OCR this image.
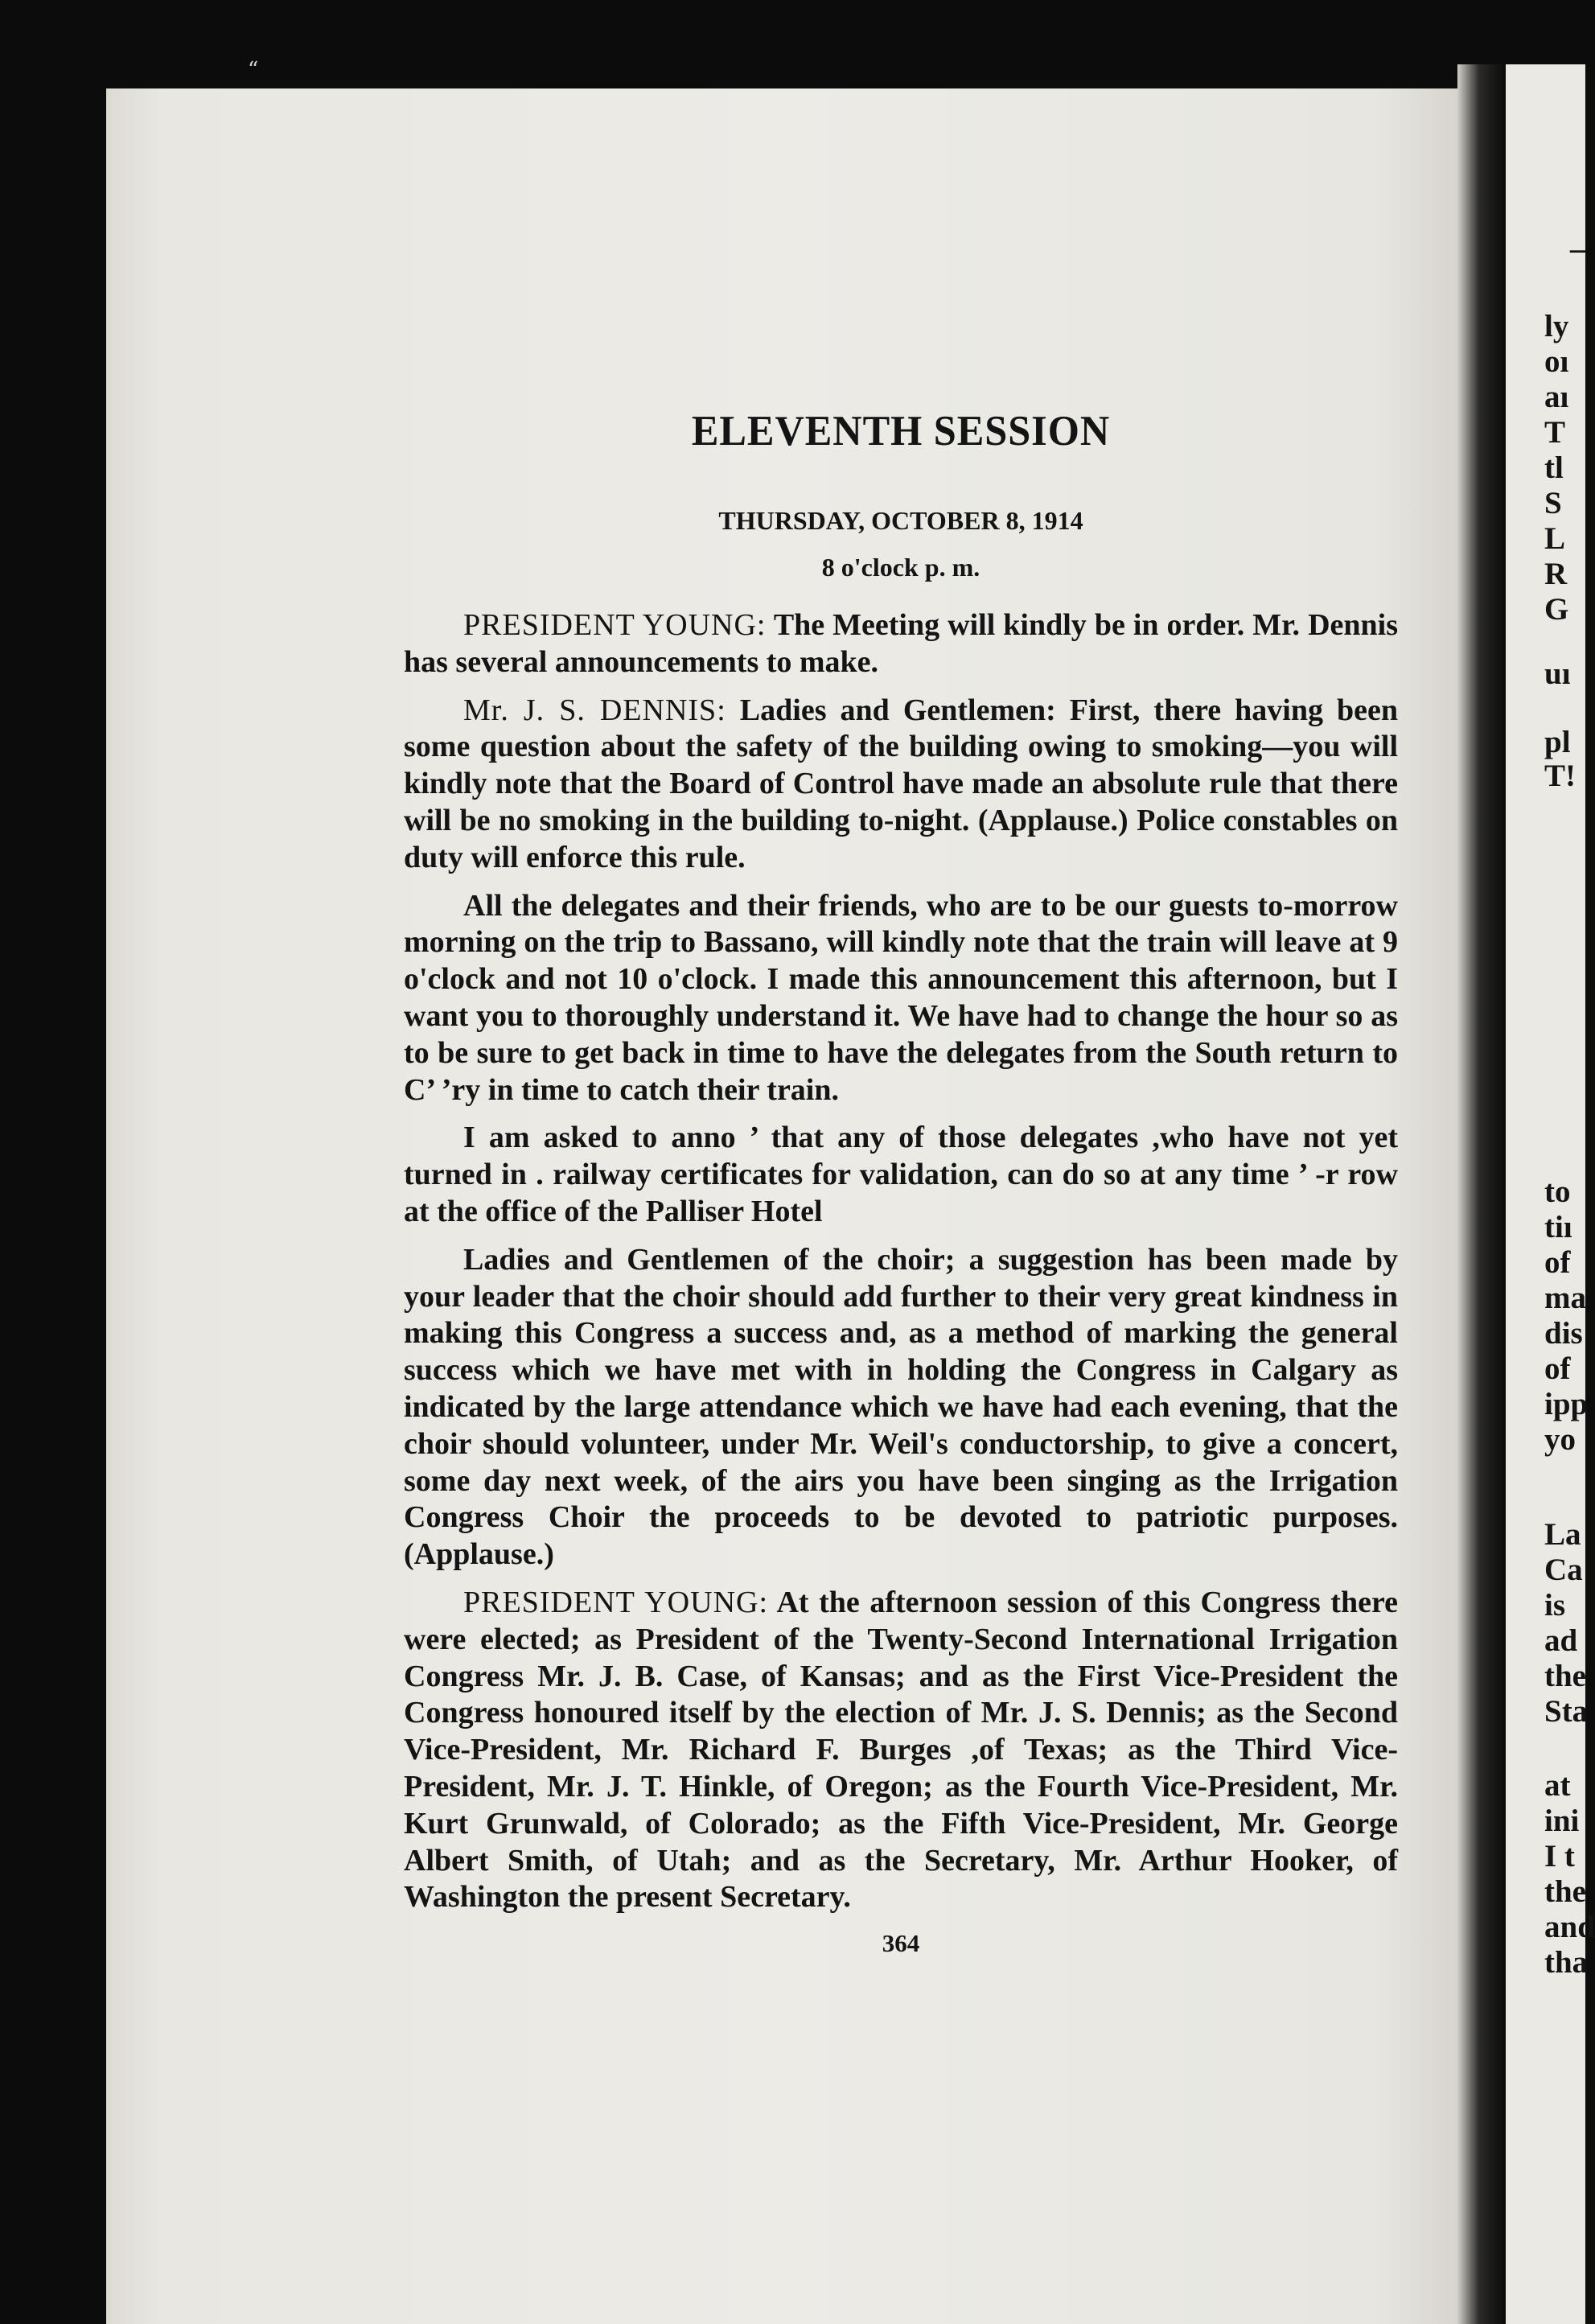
“
–
ly
oı
aı
T
tl
S
L
R
G
uı
pl
T!
to
tiı
of
ma
dis
of
ipp
yo
La
Ca
is
ad
the
Sta
at
ini
I t
the
and
tha
ELEVENTH SESSION
THURSDAY, OCTOBER 8, 1914
8 o'clock p. m.

PRESIDENT YOUNG: The Meeting will kindly be in order. Mr. Dennis has several announcements to make.

Mr. J. S. DENNIS: Ladies and Gentlemen: First, there having been some question about the safety of the building owing to smoking—you will kindly note that the Board of Control have made an absolute rule that there will be no smoking in the building to-night. (Applause.) Police constables on duty will enforce this rule.

All the delegates and their friends, who are to be our guests to-morrow morning on the trip to Bassano, will kindly note that the train will leave at 9 o'clock and not 10 o'clock. I made this announcement this afternoon, but I want you to thoroughly understand it. We have had to change the hour so as to be sure to get back in time to have the delegates from the South return to C’ ’ry in time to catch their train.

I am asked to anno ’ that any of those delegates ,who have not yet turned in . railway certificates for validation, can do so at any time ’ -r row at the office of the Palliser Hotel

Ladies and Gentlemen of the choir; a suggestion has been made by your leader that the choir should add further to their very great kindness in making this Congress a success and, as a method of marking the general success which we have met with in holding the Congress in Calgary as indicated by the large attendance which we have had each evening, that the choir should volunteer, under Mr. Weil's conductorship, to give a concert, some day next week, of the airs you have been singing as the Irrigation Congress Choir the proceeds to be devoted to patriotic purposes. (Applause.)

PRESIDENT YOUNG: At the afternoon session of this Congress there were elected; as President of the Twenty-Second International Irrigation Congress Mr. J. B. Case, of Kansas; and as the First Vice-President the Congress honoured itself by the election of Mr. J. S. Dennis; as the Second Vice-President, Mr. Richard F. Burges ,of Texas; as the Third Vice-President, Mr. J. T. Hinkle, of Oregon; as the Fourth Vice-President, Mr. Kurt Grunwald, of Colorado; as the Fifth Vice-President, Mr. George Albert Smith, of Utah; and as the Secretary, Mr. Arthur Hooker, of Washington the present Secretary.

364
